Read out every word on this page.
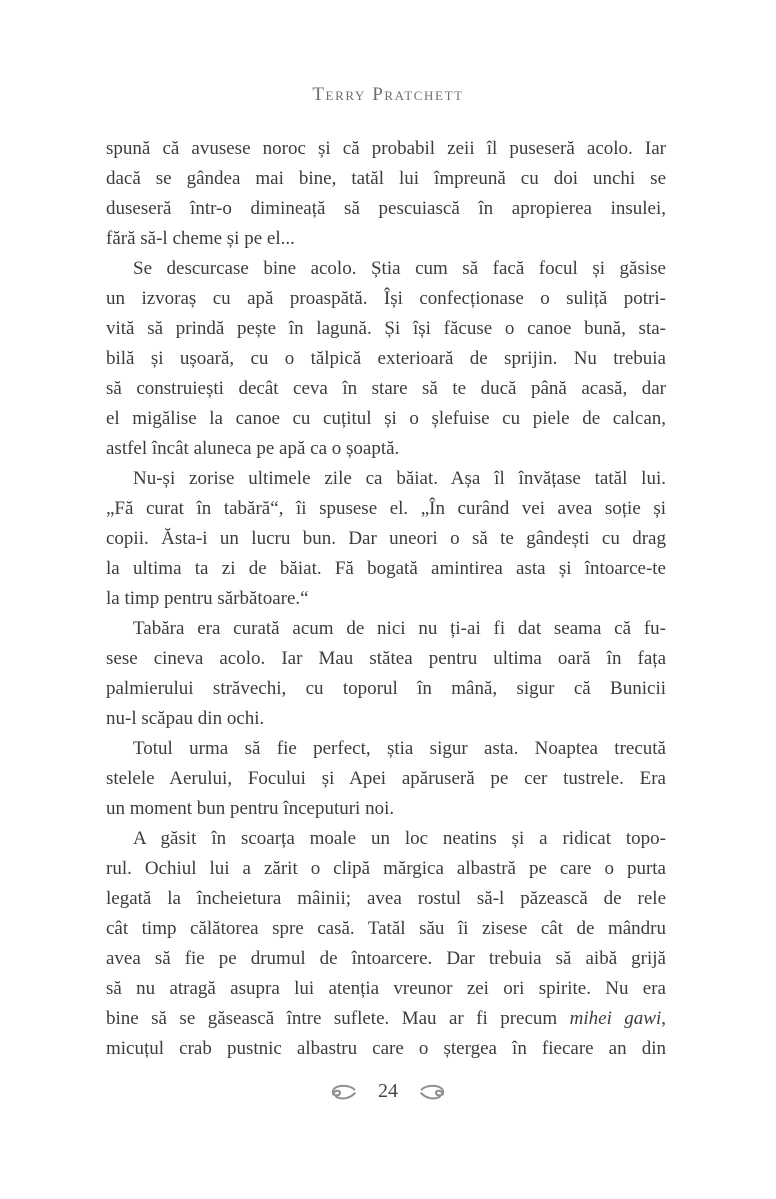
Terry Pratchett
spună că avusese noroc și că probabil zeii îl puseseră acolo. Iar
dacă se gândea mai bine, tatăl lui împreună cu doi unchi se
duseseră într-o dimineață să pescuiască în apropierea insulei,
fără să-l cheme și pe el...
Se descurcase bine acolo. Știa cum să facă focul și găsise
un izvoraș cu apă proaspătă. Își confecționase o suliță potri-
vită să prindă pește în lagună. Și își făcuse o canoe bună, sta-
bilă și ușoară, cu o tălpică exterioară de sprijin. Nu trebuia
să construiești decât ceva în stare să te ducă până acasă, dar
el migălise la canoe cu cuțitul și o șlefuise cu piele de calcan,
astfel încât aluneca pe apă ca o șoaptă.
Nu-și zorise ultimele zile ca băiat. Așa îl învățase tatăl lui.
„Fă curat în tabără“, îi spusese el. „În curând vei avea soție și
copii. Ăsta-i un lucru bun. Dar uneori o să te gândești cu drag
la ultima ta zi de băiat. Fă bogată amintirea asta și întoarce-te
la timp pentru sărbătoare.“
Tabăra era curată acum de nici nu ți-ai fi dat seama că fu-
sese cineva acolo. Iar Mau stătea pentru ultima oară în fața
palmierului străvechi, cu toporul în mână, sigur că Bunicii
nu-l scăpau din ochi.
Totul urma să fie perfect, știa sigur asta. Noaptea trecută
stelele Aerului, Focului și Apei apăruseră pe cer tustrele. Era
un moment bun pentru începuturi noi.
A găsit în scoarța moale un loc neatins și a ridicat topo-
rul. Ochiul lui a zărit o clipă mărgica albastră pe care o purta
legată la încheietura mâinii; avea rostul să-l păzească de rele
cât timp călătorea spre casă. Tatăl său îi zisese cât de mândru
avea să fie pe drumul de întoarcere. Dar trebuia să aibă grijă
să nu atragă asupra lui atenția vreunor zei ori spirite. Nu era
bine să se găsească între suflete. Mau ar fi precum mihei gawi,
micuțul crab pustnic albastru care o ștergea în fiecare an din
24
